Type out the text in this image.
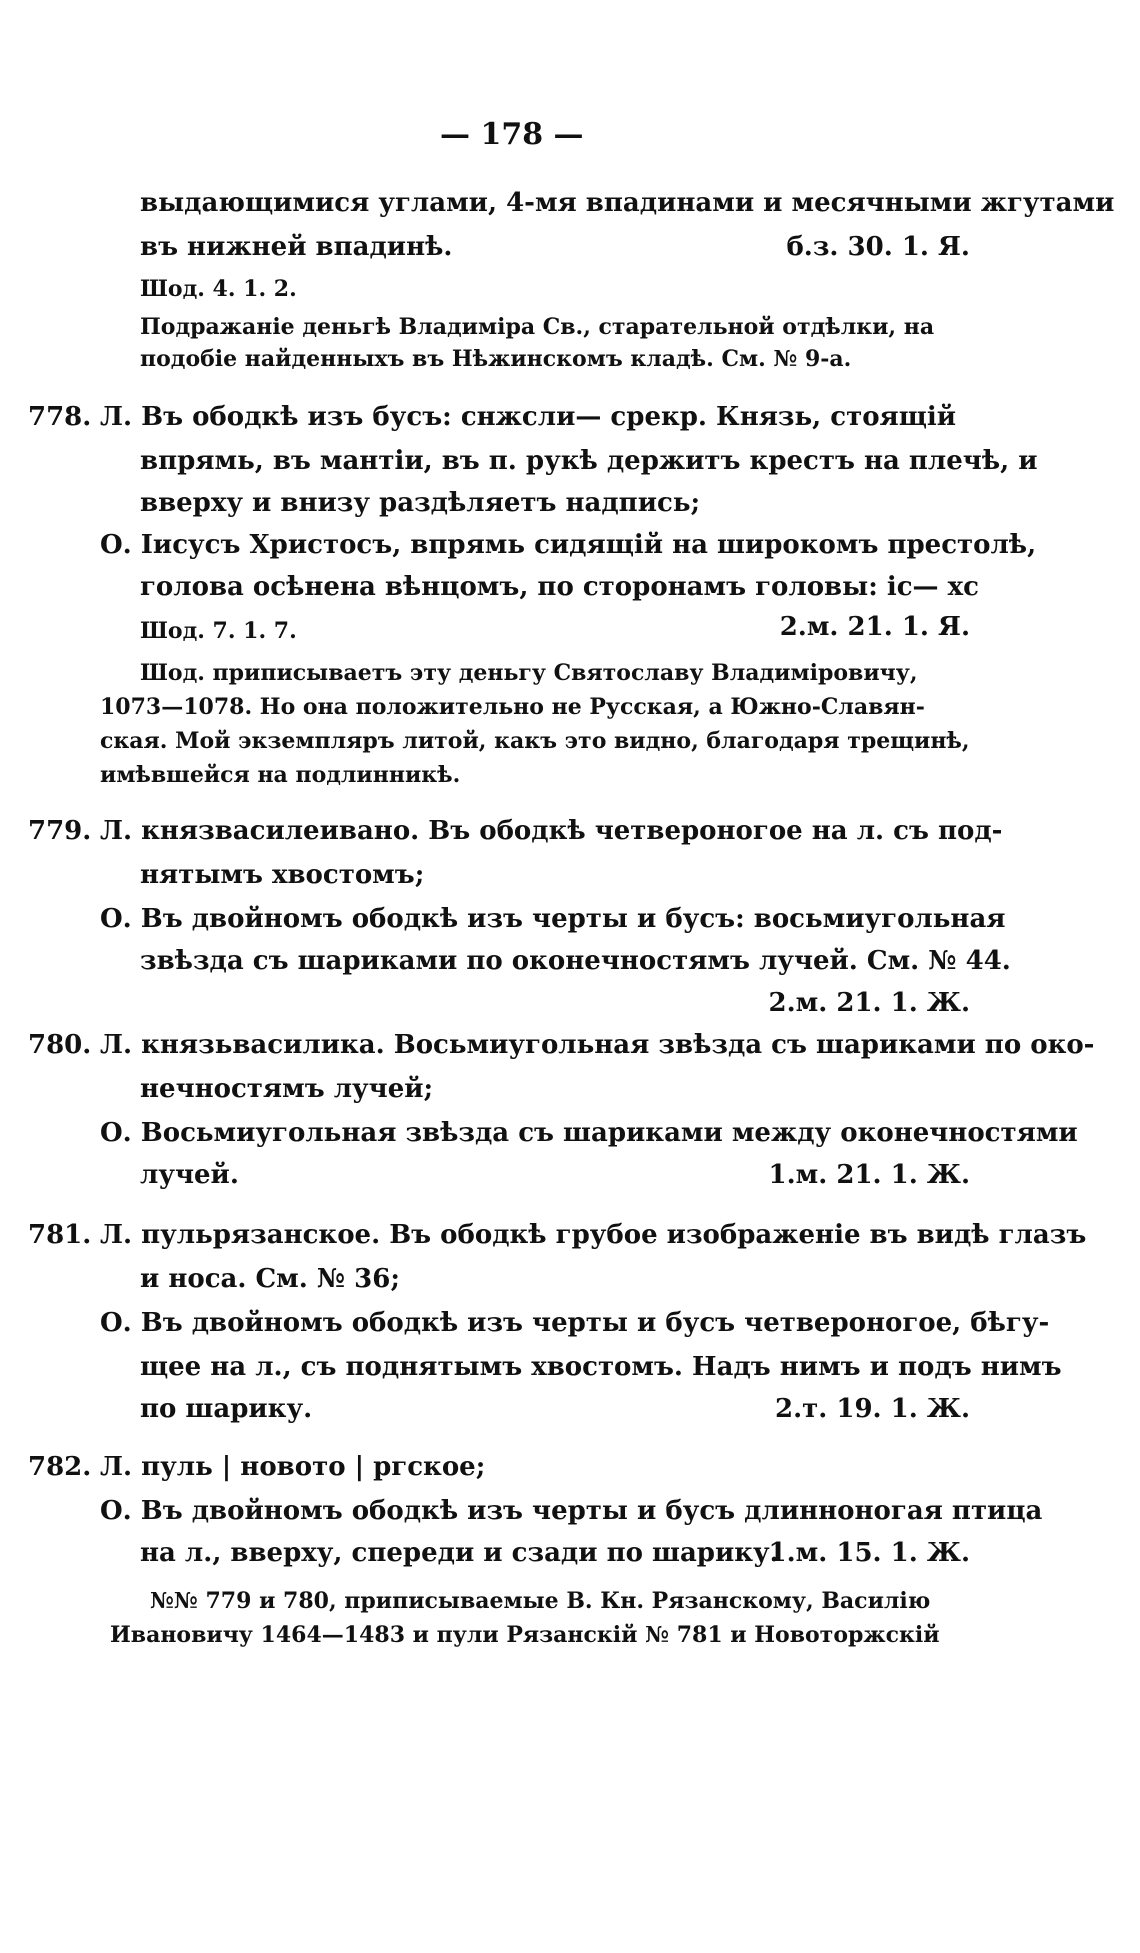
— 178 —
выдающимися углами, 4-мя впадинами и месячными жгутами
въ нижней впадинѣ.	б.з. 30. 1. Я.
Шод. 4. 1. 2.
Подражаніе деньгѣ Владиміра Св., старательной отдѣлки, на
подобіе найденныхъ въ Нѣжинскомъ кладѣ. См. № 9-а.
778. Л. Въ ободкѣ изъ бусъ: снжсли— срекр. Князь, стоящій
впрямь, въ мантіи, въ п. рукѣ держитъ крестъ на плечѣ, и
вверху и внизу раздѣляетъ надпись;
О. Іисусъ Христосъ, впрямь сидящій на широкомъ престолѣ,
голова осѣнена вѣнцомъ, по сторонамъ головы: іс— хс
Шод. 7. 1. 7.	2.м. 21. 1. Я.
Шод. приписываетъ эту деньгу Святославу Владиміровичу,
1073—1078. Но она положительно не Русская, а Южно-Славян-
ская. Мой экземпляръ литой, какъ это видно, благодаря трещинѣ,
имѣвшейся на подлинникѣ.
779. Л. князвасилеивано. Въ ободкѣ четвероногое на л. съ под-
нятымъ хвостомъ;
О. Въ двойномъ ободкѣ изъ черты и бусъ: восьмиугольная
звѣзда съ шариками по оконечностямъ лучей. См. № 44.
2.м. 21. 1. Ж.
780. Л. князьвасилика. Восьмиугольная звѣзда съ шариками по око-
нечностямъ лучей;
О. Восьмиугольная звѣзда съ шариками между оконечностями
лучей.	1.м. 21. 1. Ж.
781. Л. пульрязанское. Въ ободкѣ грубое изображеніе въ видѣ глазъ
и носа. См. № 36;
О. Въ двойномъ ободкѣ изъ черты и бусъ четвероногое, бѣгу-
щее на л., съ поднятымъ хвостомъ. Надъ нимъ и подъ нимъ
по шарику.	2.т. 19. 1. Ж.
782. Л. пуль | новото | ргское;
О. Въ двойномъ ободкѣ изъ черты и бусъ длинноногая птица
на л., вверху, спереди и сзади по шарику.
1.м. 15. 1. Ж.
№№ 779 и 780, приписываемые В. Кн. Рязанскому, Василію
Ивановичу 1464—1483 и пули Рязанскій № 781 и Новоторжскій
